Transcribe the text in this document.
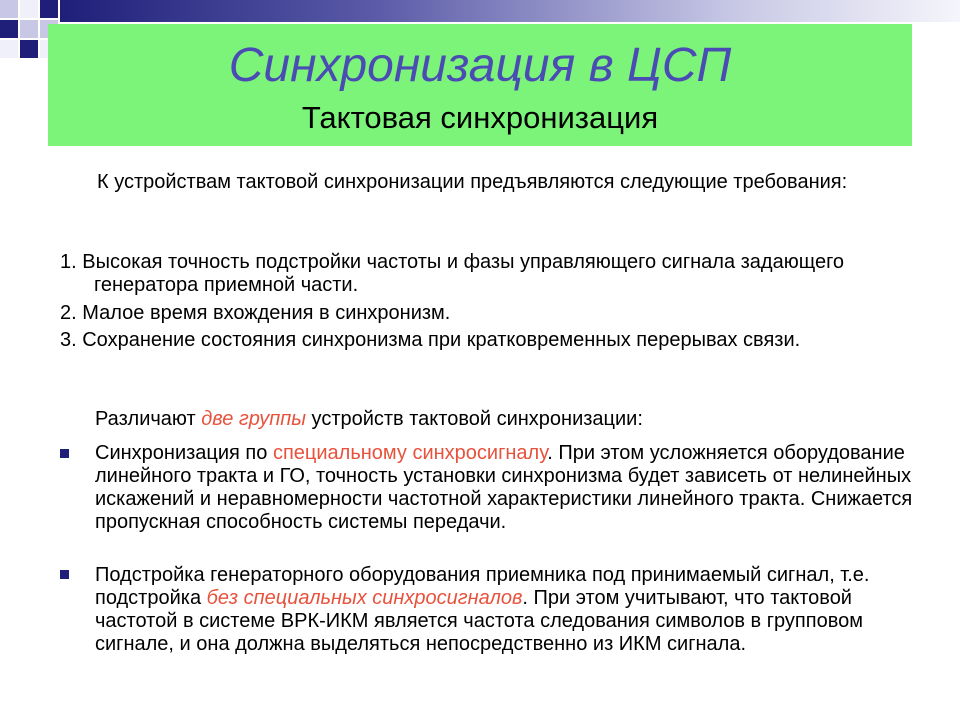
Синхронизация в ЦСП
Тактовая синхронизация
К устройствам тактовой синхронизации предъявляются следующие требования:
1. Высокая точность подстройки частоты и фазы управляющего сигнала задающего генератора приемной части.
2. Малое время вхождения в синхронизм.
3. Сохранение состояния синхронизма при кратковременных перерывах связи.
Различают две группы устройств тактовой синхронизации:
Синхронизация по специальному синхросигналу. При этом усложняется оборудование линейного тракта и ГО, точность установки синхронизма будет зависеть от нелинейных искажений и неравномерности частотной характеристики линейного тракта. Снижается пропускная способность системы передачи.
Подстройка генераторного оборудования приемника под принимаемый сигнал, т.е. подстройка без специальных синхросигналов. При этом учитывают, что тактовой частотой в системе ВРК-ИКМ является частота следования символов в групповом сигнале, и она должна выделяться непосредственно из ИКМ сигнала.
